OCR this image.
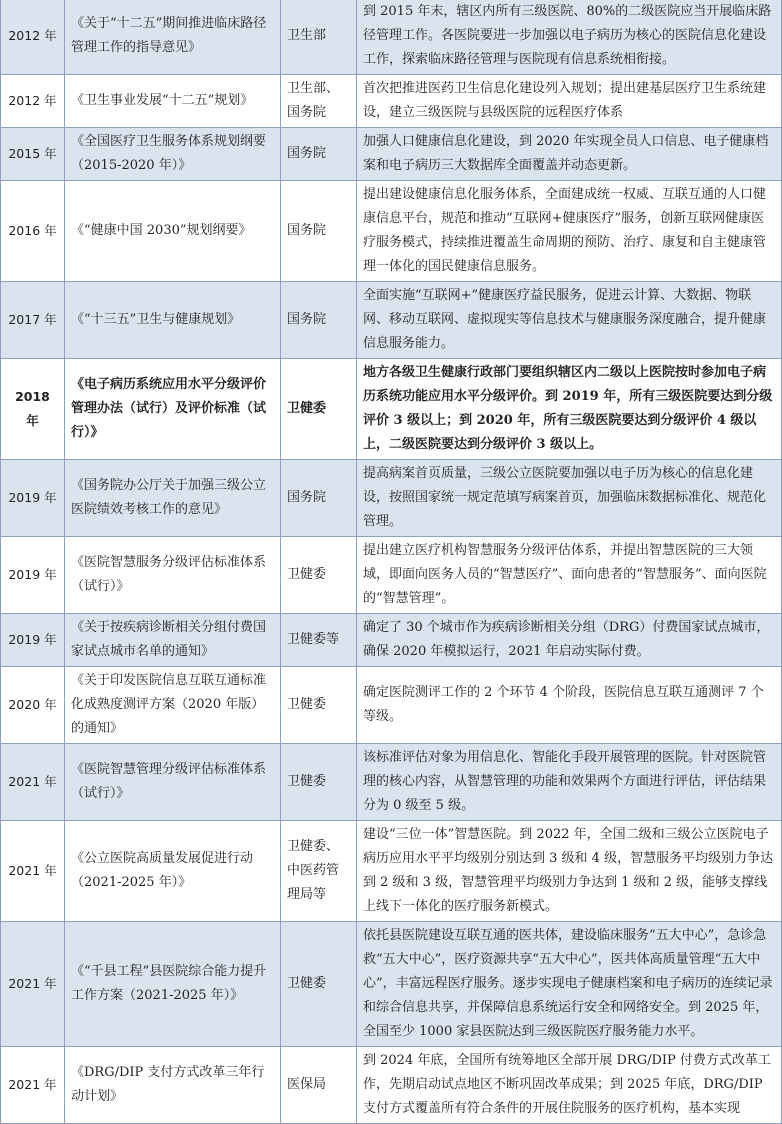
2012 年	《关于“十二五”期间推进临床路径管理工作的指导意见》	卫生部	到 2015 年末，辖区内所有三级医院、80%的二级医院应当开展临床路径管理工作。各医院要进一步加强以电子病历为核心的医院信息化建设工作，探索临床路径管理与医院现有信息系统相衔接。
2012 年	《卫生事业发展“十二五”规划》	卫生部、国务院	首次把推进医药卫生信息化建设列入规划；提出建基层医疗卫生系统建设，建立三级医院与县级医院的远程医疗体系
2015 年	《全国医疗卫生服务体系规划纲要（2015-2020 年）》	国务院	加强人口健康信息化建设，到 2020 年实现全员人口信息、电子健康档案和电子病历三大数据库全面覆盖并动态更新。
2016 年	《“健康中国 2030”规划纲要》	国务院	提出建设健康信息化服务体系，全面建成统一权威、互联互通的人口健康信息平台，规范和推动“互联网+健康医疗”服务，创新互联网健康医疗服务模式，持续推进覆盖生命周期的预防、治疗、康复和自主健康管理一体化的国民健康信息服务。
2017 年	《“十三五”卫生与健康规划》	国务院	全面实施“互联网+”健康医疗益民服务，促进云计算、大数据、物联网、移动互联网、虚拟现实等信息技术与健康服务深度融合，提升健康信息服务能力。
2018 年	《电子病历系统应用水平分级评价管理办法（试行）及评价标准（试行）》	卫健委	地方各级卫生健康行政部门要组织辖区内二级以上医院按时参加电子病历系统功能应用水平分级评价。到 2019 年，所有三级医院要达到分级评价 3 级以上；到 2020 年，所有三级医院要达到分级评价 4 级以上，二级医院要达到分级评价 3 级以上。
2019 年	《国务院办公厅关于加强三级公立医院绩效考核工作的意见》	国务院	提高病案首页质量，三级公立医院要加强以电子历为核心的信息化建设，按照国家统一规定范填写病案首页，加强临床数据标准化、规范化管理。
2019 年	《医院智慧服务分级评估标准体系（试行）》	卫健委	提出建立医疗机构智慧服务分级评估体系，并提出智慧医院的三大领域，即面向医务人员的“智慧医疗”、面向患者的“智慧服务”、面向医院的“智慧管理”。
2019 年	《关于按疾病诊断相关分组付费国家试点城市名单的通知》	卫健委等	确定了 30 个城市作为疾病诊断相关分组（DRG）付费国家试点城市，确保 2020 年模拟运行，2021 年启动实际付费。
2020 年	《关于印发医院信息互联互通标准化成熟度测评方案（2020 年版）的通知》	卫健委	确定医院测评工作的 2 个环节 4 个阶段，医院信息互联互通测评 7 个等级。
2021 年	《医院智慧管理分级评估标准体系（试行）》	卫健委	该标准评估对象为用信息化、智能化手段开展管理的医院。针对医院管理的核心内容，从智慧管理的功能和效果两个方面进行评估，评估结果分为 0 级至 5 级。
2021 年	《公立医院高质量发展促进行动（2021-2025 年）》	卫健委、中医药管理局等	建设“三位一体”智慧医院。到 2022 年，全国二级和三级公立医院电子病历应用水平平均级别分别达到 3 级和 4 级，智慧服务平均级别力争达到 2 级和 3 级，智慧管理平均级别力争达到 1 级和 2 级，能够支撑线上线下一体化的医疗服务新模式。
2021 年	《“千县工程”县医院综合能力提升工作方案（2021-2025 年）》	卫健委	依托县医院建设互联互通的医共体，建设临床服务“五大中心”，急诊急救“五大中心”，医疗资源共享“五大中心”，医共体高质量管理“五大中心”，丰富远程医疗服务。逐步实现电子健康档案和电子病历的连续记录和综合信息共享，并保障信息系统运行安全和网络安全。到 2025 年，全国至少 1000 家县医院达到三级医院医疗服务能力水平。
2021 年	《DRG/DIP 支付方式改革三年行动计划》	医保局	到 2024 年底，全国所有统筹地区全部开展 DRG/DIP 付费方式改革工作，先期启动试点地区不断巩固改革成果；到 2025 年底，DRG/DIP 支付方式覆盖所有符合条件的开展住院服务的医疗机构，基本实现
